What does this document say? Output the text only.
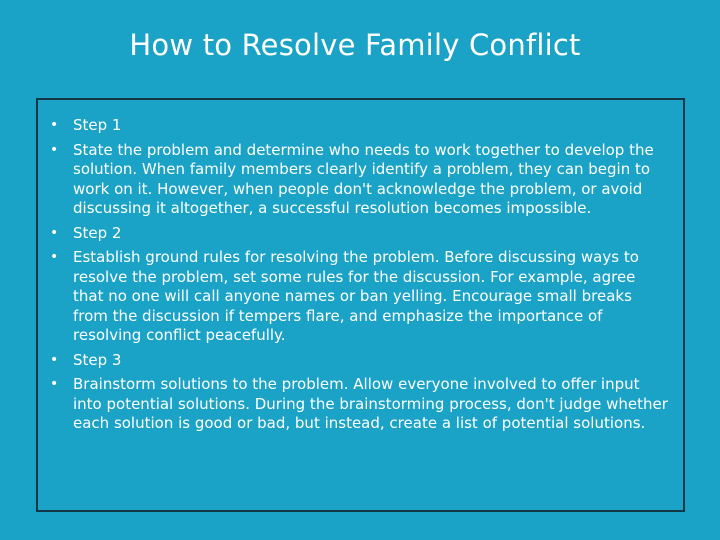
How to Resolve Family Conflict
• Step 1
• State the problem and determine who needs to work together to develop the solution. When family members clearly identify a problem, they can begin to work on it. However, when people don't acknowledge the problem, or avoid discussing it altogether, a successful resolution becomes impossible.
• Step 2
• Establish ground rules for resolving the problem. Before discussing ways to resolve the problem, set some rules for the discussion. For example, agree that no one will call anyone names or ban yelling. Encourage small breaks from the discussion if tempers flare, and emphasize the importance of resolving conflict peacefully.
• Step 3
• Brainstorm solutions to the problem. Allow everyone involved to offer input into potential solutions. During the brainstorming process, don't judge whether each solution is good or bad, but instead, create a list of potential solutions.
